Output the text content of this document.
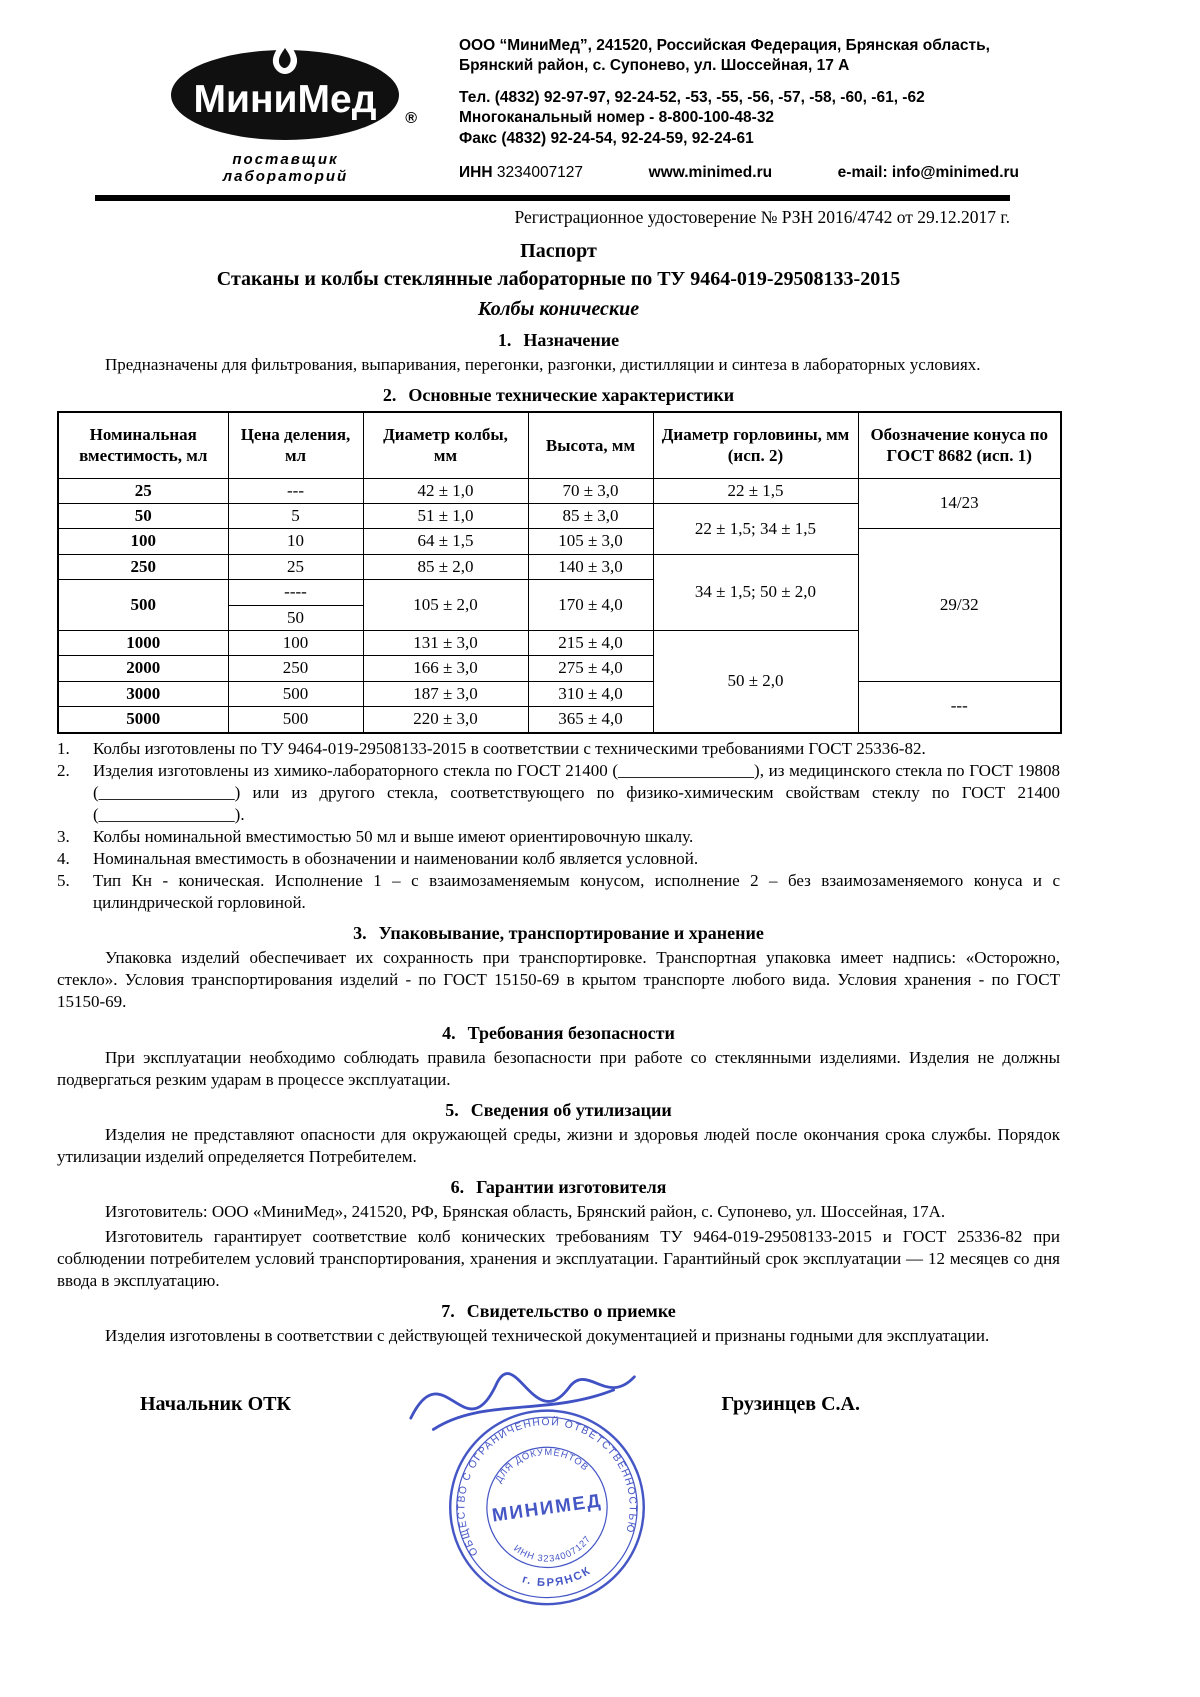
МиниМед ®
поставщик лабораторий

ООО “МиниМед”, 241520, Российская Федерация, Брянская область, Брянский район, с. Супонево, ул. Шоссейная, 17 А

Тел. (4832) 92-97-97, 92-24-52, -53, -55, -56, -57, -58, -60, -61, -62

Многоканальный номер - 8-800-100-48-32

Факс (4832) 92-24-54, 92-24-59, 92-24-61

ИНН 3234007127	www.minimed.ru	e-mail: info@minimed.ru

Регистрационное удостоверение № РЗН 2016/4742 от 29.12.2017 г.

Паспорт
Стаканы и колбы стеклянные лабораторные по ТУ 9464-019-29508133-2015
Колбы конические
1. Назначение

Предназначены для фильтрования, выпаривания, перегонки, разгонки, дистилляции и синтеза в лабораторных условиях.

2. Основные технические характеристики
Номинальная вместимость, мл	Цена деления, мл	Диаметр колбы, мм	Высота, мм	Диаметр горловины, мм (исп. 2)	Обозначение конуса по ГОСТ 8682 (исп. 1)
25	---	42 ± 1,0	70 ± 3,0	22 ± 1,5	14/23
50	5	51 ± 1,0	85 ± 3,0	22 ± 1,5; 34 ± 1,5	
100	10	64 ± 1,5	105 ± 3,0		29/32
250	25	85 ± 2,0	140 ± 3,0	34 ± 1,5; 50 ± 2,0	
500	----	105 ± 2,0	170 ± 4,0		
	50				
1000	100	131 ± 3,0	215 ± 4,0	50 ± 2,0	
2000	250	166 ± 3,0	275 ± 4,0		
3000	500	187 ± 3,0	310 ± 4,0		---
5000	500	220 ± 3,0	365 ± 4,0		
1.	Колбы изготовлены по ТУ 9464-019-29508133-2015 в соответствии с техническими требованиями ГОСТ 25336-82.
2.	Изделия изготовлены из химико-лабораторного стекла по ГОСТ 21400 (________________), из медицинского стекла по ГОСТ 19808 (________________) или из другого стекла, соответствующего по физико-химическим свойствам стеклу по ГОСТ 21400 (________________).
3.	Колбы номинальной вместимостью 50 мл и выше имеют ориентировочную шкалу.
4.	Номинальная вместимость в обозначении и наименовании колб является условной.
5.	Тип Кн - коническая. Исполнение 1 – с взаимозаменяемым конусом, исполнение 2 – без взаимозаменяемого конуса и с цилиндрической горловиной.
3. Упаковывание, транспортирование и хранение

Упаковка изделий обеспечивает их сохранность при транспортировке. Транспортная упаковка имеет надпись: «Осторожно, стекло». Условия транспортирования изделий - по ГОСТ 15150-69 в крытом транспорте любого вида. Условия хранения - по ГОСТ 15150-69.

4. Требования безопасности

При эксплуатации необходимо соблюдать правила безопасности при работе со стеклянными изделиями. Изделия не должны подвергаться резким ударам в процессе эксплуатации.

5. Сведения об утилизации

Изделия не представляют опасности для окружающей среды, жизни и здоровья людей после окончания срока службы. Порядок утилизации изделий определяется Потребителем.

6. Гарантии изготовителя

Изготовитель: ООО «МиниМед», 241520, РФ, Брянская область, Брянский район, с. Супонево, ул. Шоссейная, 17А.

Изготовитель гарантирует соответствие колб конических требованиям ТУ 9464-019-29508133-2015 и ГОСТ 25336-82 при соблюдении потребителем условий транспортирования, хранения и эксплуатации. Гарантийный срок эксплуатации — 12 месяцев со дня ввода в эксплуатацию.

7. Свидетельство о приемке

Изделия изготовлены в соответствии с действующей технической документацией и признаны годными для эксплуатации.

Начальник ОТК	Грузинцев С.А.
ОБЩЕСТВО С ОГРАНИЧЕННОЙ ОТВЕТСТВЕННОСТЬЮ
г. БРЯНСК
ДЛЯ ДОКУМЕНТОВ
ИНН 3234007127
МИНИМЕД
